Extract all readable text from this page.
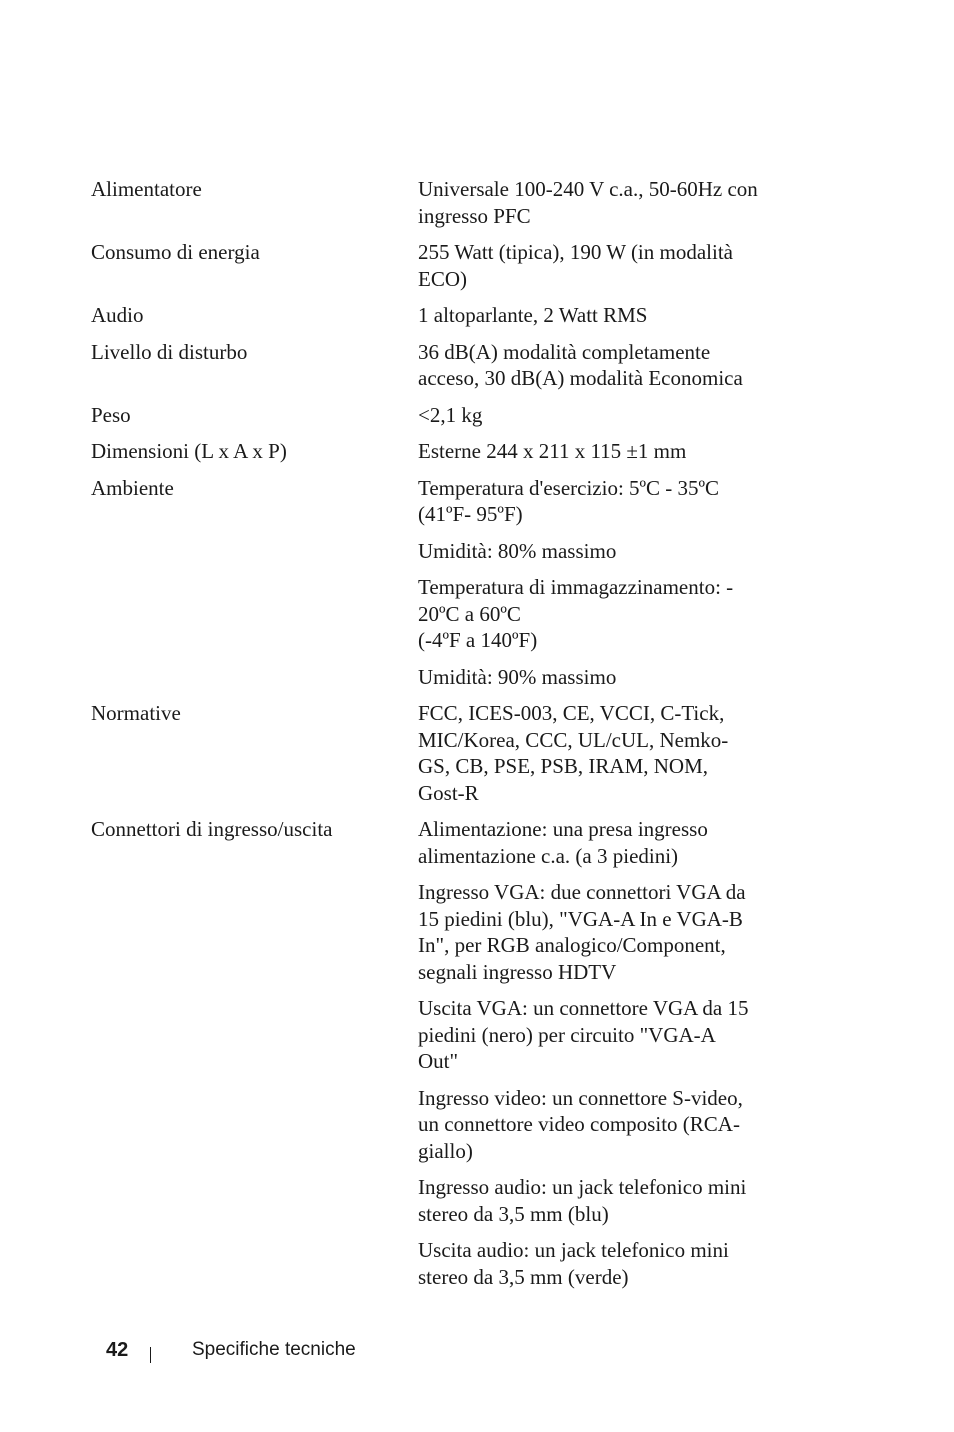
Alimentatore	Universale 100-240 V c.a., 50-60Hz con
ingresso PFC
Consumo di energia	255 Watt (tipica), 190 W (in modalità
ECO)
Audio	1 altoparlante, 2 Watt RMS
Livello di disturbo	36 dB(A) modalità completamente
acceso, 30 dB(A) modalità Economica
Peso	<2,1 kg
Dimensioni (L x A x P)	Esterne 244 x 211 x 115 ±1 mm
Ambiente	Temperatura d'esercizio: 5ºC - 35ºC
(41ºF- 95ºF)
Umidità: 80% massimo
Temperatura di immagazzinamento: -
20ºC a 60ºC
(-4ºF a 140ºF)
Umidità: 90% massimo
Normative	FCC, ICES-003, CE, VCCI, C-Tick,
MIC/Korea, CCC, UL/cUL, Nemko-
GS, CB, PSE, PSB, IRAM, NOM,
Gost-R
Connettori di ingresso/uscita	Alimentazione: una presa ingresso
alimentazione c.a. (a 3 piedini)
Ingresso VGA: due connettori VGA da
15 piedini (blu), "VGA-A In e VGA-B
In", per RGB analogico/Component,
segnali ingresso HDTV
Uscita VGA: un connettore VGA da 15
piedini (nero) per circuito "VGA-A
Out"
Ingresso video: un connettore S-video,
un connettore video composito (RCA-
giallo)
Ingresso audio: un jack telefonico mini
stereo da 3,5 mm (blu)
Uscita audio: un jack telefonico mini
stereo da 3,5 mm (verde)
42	Specifiche tecniche
